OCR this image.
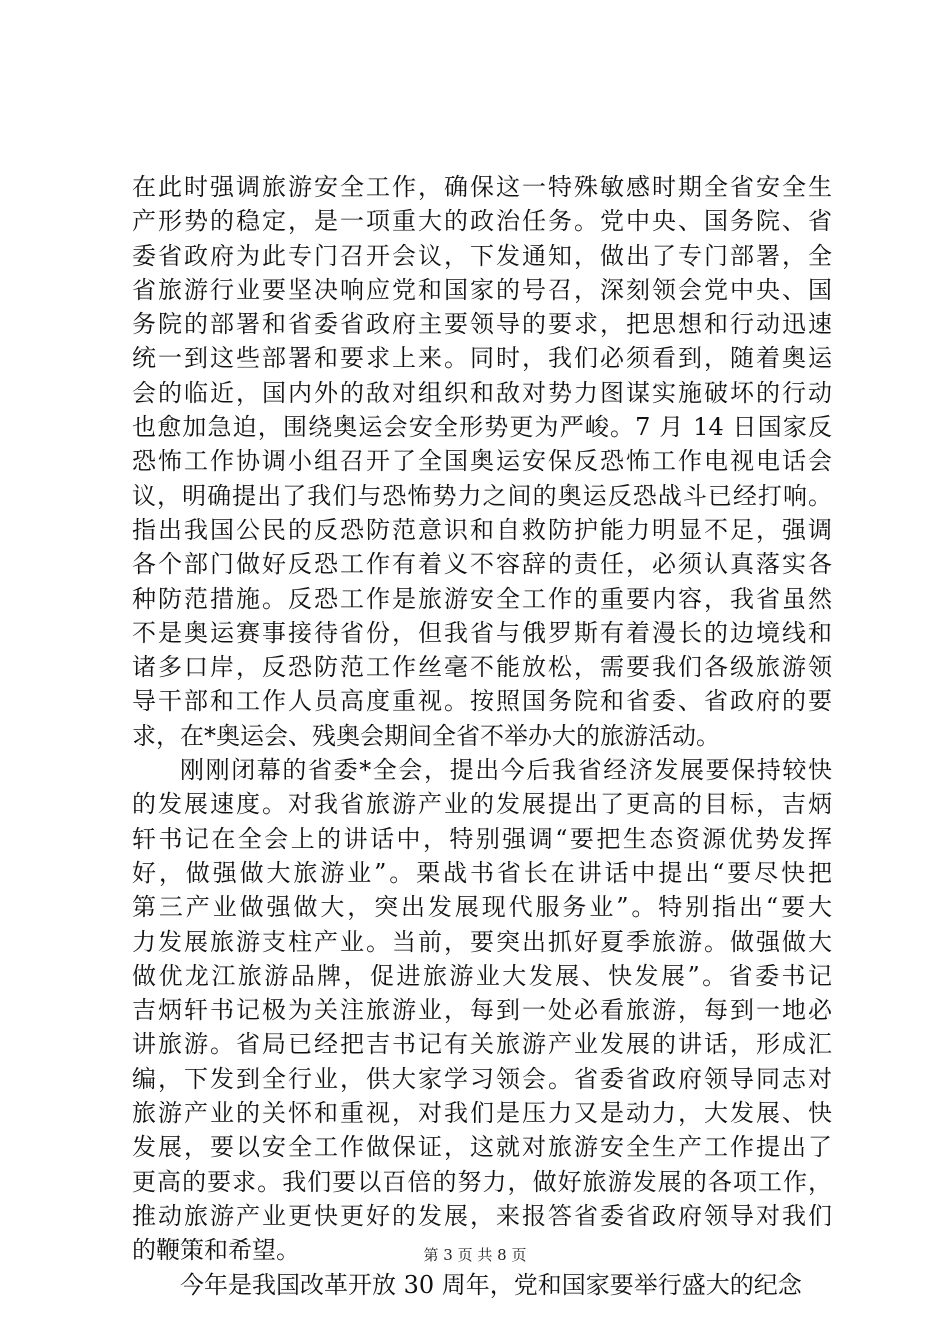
在此时强调旅游安全工作，确保这一特殊敏感时期全省安全生
产形势的稳定，是一项重大的政治任务。党中央、国务院、省
委省政府为此专门召开会议，下发通知，做出了专门部署，全
省旅游行业要坚决响应党和国家的号召，深刻领会党中央、国
务院的部署和省委省政府主要领导的要求，把思想和行动迅速
统一到这些部署和要求上来。同时，我们必须看到，随着奥运
会的临近，国内外的敌对组织和敌对势力图谋实施破坏的行动
也愈加急迫，围绕奥运会安全形势更为严峻。7 月 14 日国家反
恐怖工作协调小组召开了全国奥运安保反恐怖工作电视电话会
议，明确提出了我们与恐怖势力之间的奥运反恐战斗已经打响。
指出我国公民的反恐防范意识和自救防护能力明显不足，强调
各个部门做好反恐工作有着义不容辞的责任，必须认真落实各
种防范措施。反恐工作是旅游安全工作的重要内容，我省虽然
不是奥运赛事接待省份，但我省与俄罗斯有着漫长的边境线和
诸多口岸，反恐防范工作丝毫不能放松，需要我们各级旅游领
导干部和工作人员高度重视。按照国务院和省委、省政府的要
求，在*奥运会、残奥会期间全省不举办大的旅游活动。
刚刚闭幕的省委*全会，提出今后我省经济发展要保持较快
的发展速度。对我省旅游产业的发展提出了更高的目标，吉炳
轩书记在全会上的讲话中，特别强调“要把生态资源优势发挥
好，做强做大旅游业”。栗战书省长在讲话中提出“要尽快把
第三产业做强做大，突出发展现代服务业”。特别指出“要大
力发展旅游支柱产业。当前，要突出抓好夏季旅游。做强做大
做优龙江旅游品牌，促进旅游业大发展、快发展”。省委书记
吉炳轩书记极为关注旅游业，每到一处必看旅游，每到一地必
讲旅游。省局已经把吉书记有关旅游产业发展的讲话，形成汇
编，下发到全行业，供大家学习领会。省委省政府领导同志对
旅游产业的关怀和重视，对我们是压力又是动力，大发展、快
发展，要以安全工作做保证，这就对旅游安全生产工作提出了
更高的要求。我们要以百倍的努力，做好旅游发展的各项工作，
推动旅游产业更快更好的发展，来报答省委省政府领导对我们
的鞭策和希望。
今年是我国改革开放 30 周年，党和国家要举行盛大的纪念
第 3 页 共 8 页
